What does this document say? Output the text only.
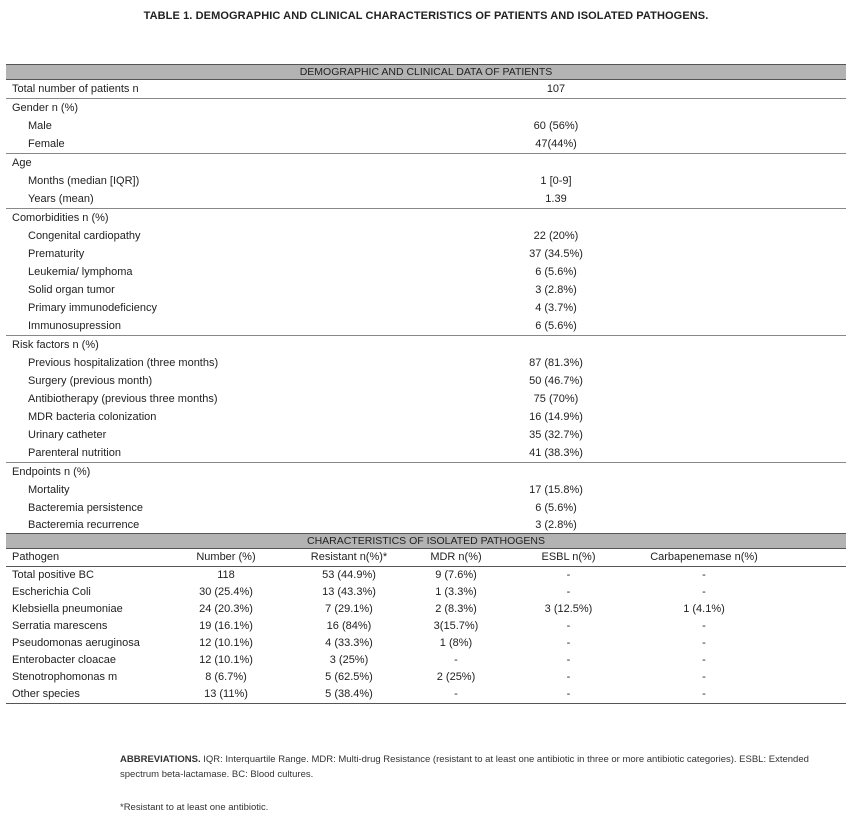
TABLE 1. DEMOGRAPHIC AND CLINICAL CHARACTERISTICS OF PATIENTS AND ISOLATED PATHOGENS.
DEMOGRAPHIC AND CLINICAL DATA OF PATIENTS
Total number of patients n	107
Gender n (%)
Male	60 (56%)
Female	47(44%)
Age
Months (median [IQR])	1 [0-9]
Years (mean)	1.39
Comorbidities n (%)
Congenital cardiopathy	22 (20%)
Prematurity	37 (34.5%)
Leukemia/ lymphoma	6 (5.6%)
Solid organ tumor	3 (2.8%)
Primary immunodeficiency	4 (3.7%)
Immunosupression	6 (5.6%)
Risk factors n (%)
Previous hospitalization (three months)	87 (81.3%)
Surgery (previous month)	50 (46.7%)
Antibiotherapy (previous three months)	75 (70%)
MDR bacteria colonization	16 (14.9%)
Urinary catheter	35 (32.7%)
Parenteral nutrition	41 (38.3%)
Endpoints n (%)
Mortality	17 (15.8%)
Bacteremia persistence	6 (5.6%)
Bacteremia recurrence	3 (2.8%)
CHARACTERISTICS OF ISOLATED PATHOGENS
Pathogen	Number (%)	Resistant n(%)*	MDR n(%)	ESBL n(%)	Carbapenemase n(%)
Total positive BC	118	53 (44.9%)	9 (7.6%)	-	-
Escherichia Coli	30 (25.4%)	13 (43.3%)	1 (3.3%)	-	-
Klebsiella pneumoniae	24 (20.3%)	7 (29.1%)	2 (8.3%)	3 (12.5%)	1 (4.1%)
Serratia marescens	19 (16.1%)	16 (84%)	3(15.7%)	-	-
Pseudomonas aeruginosa	12 (10.1%)	4 (33.3%)	1 (8%)	-	-
Enterobacter cloacae	12 (10.1%)	3 (25%)	-	-	-
Stenotrophomonas m	8 (6.7%)	5 (62.5%)	2 (25%)	-	-
Other species	13 (11%)	5 (38.4%)	-	-	-
ABBREVIATIONS. IQR: Interquartile Range. MDR: Multi-drug Resistance (resistant to at least one antibiotic in three or more antibiotic categories). ESBL: Extended spectrum beta-lactamase. BC: Blood cultures.
*Resistant to at least one antibiotic.
